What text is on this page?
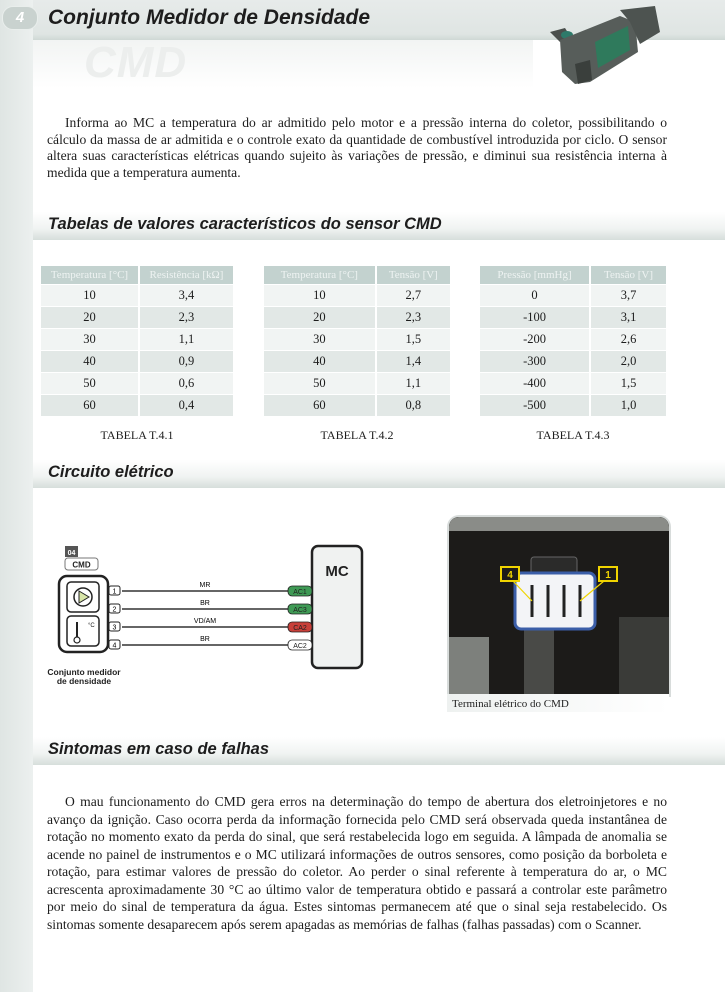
4	Conjunto Medidor de Densidade
CMD

Informa ao MC a temperatura do ar admitido pelo motor e a pressão interna do coletor, possibilitando o cálculo da massa de ar admitida e o controle exato da quantidade de combustível introduzida por ciclo. O sensor altera suas características elétricas quando sujeito às variações de pressão, e diminui sua resistência interna à medida que a temperatura aumenta.

Tabelas de valores característicos do sensor CMD
Temperatura [°C]	Resistência [kΩ]
10	3,4
20	2,3
30	1,1
40	0,9
50	0,6
60	0,4
TABELA T.4.1
Temperatura [°C]	Tensão [V]
10	2,7
20	2,3
30	1,5
40	1,4
50	1,1
60	0,8
TABELA T.4.2
Pressão [mmHg]	Tensão [V]
0	3,7
-100	3,1
-200	2,6
-300	2,0
-400	1,5
-500	1,0
TABELA T.4.3
Circuito elétrico
04
CMD
°C
Conjunto medidor
de densidade
MC
1
MR
AC1
2
BR
AC3
3
VD/AM
CA2
4
BR
AC2
4	1
Terminal elétrico do CMD
Sintomas em caso de falhas

O mau funcionamento do CMD gera erros na determinação do tempo de abertura dos eletroinjetores e no avanço da ignição. Caso ocorra perda da informação fornecida pelo CMD será observada queda instantânea de rotação no momento exato da perda do sinal, que será restabelecida logo em seguida. A lâmpada de anomalia se acende no painel de instrumentos e o MC utilizará informações de outros sensores, como posição da borboleta e rotação, para estimar valores de pressão do coletor. Ao perder o sinal referente à temperatura do ar, o MC acrescenta aproximadamente 30 °C ao último valor de temperatura obtido e passará a controlar este parâmetro por meio do sinal de temperatura da água. Estes sintomas permanecem até que o sinal seja restabelecido. Os sintomas somente desaparecem após serem apagadas as memórias de falhas (falhas passadas) com o Scanner.
